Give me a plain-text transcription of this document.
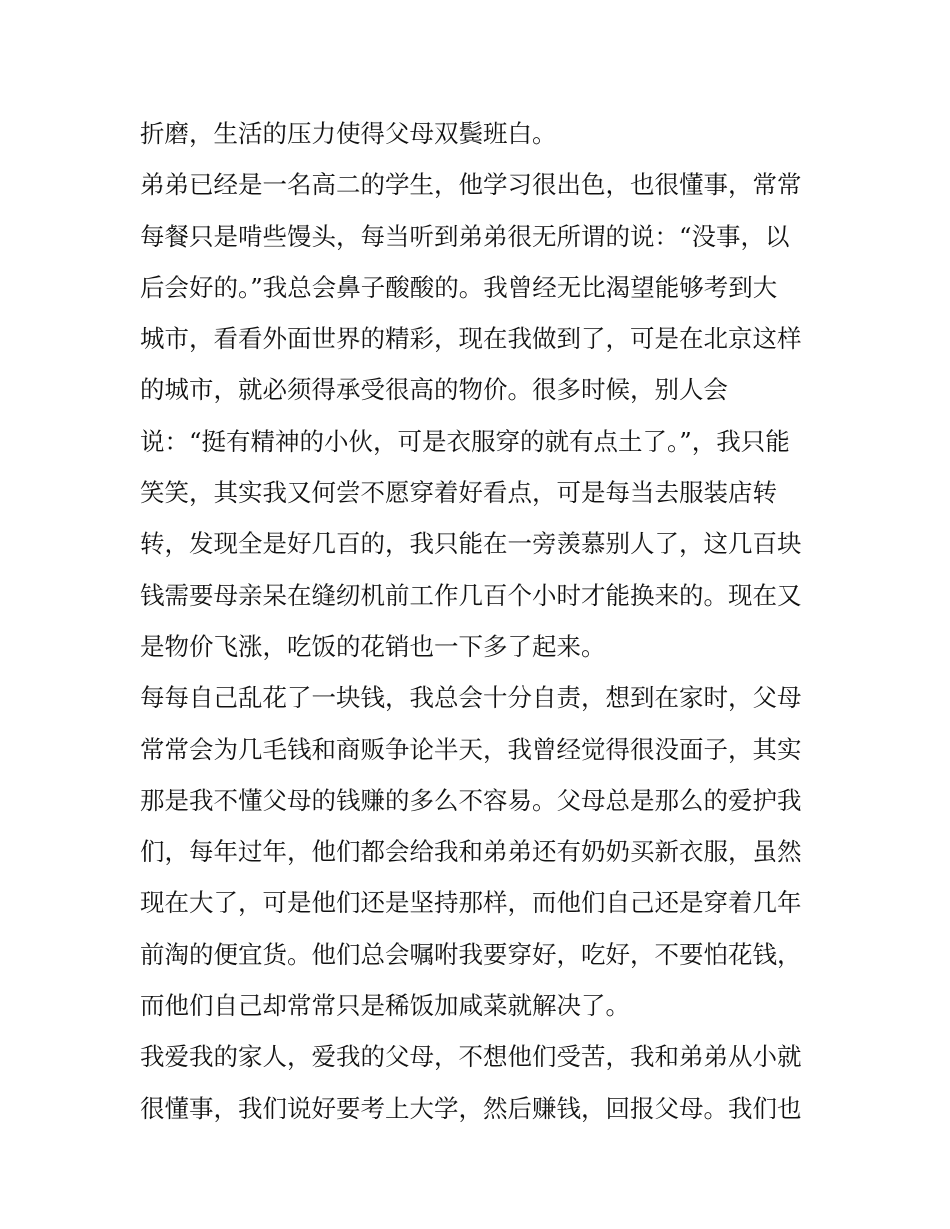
折磨，生活的压力使得父母双鬓班白。
弟弟已经是一名高二的学生，他学习很出色，也很懂事，常常
每餐只是啃些馒头，每当听到弟弟很无所谓的说：“没事，以
后会好的。”我总会鼻子酸酸的。我曾经无比渴望能够考到大
城市，看看外面世界的精彩，现在我做到了，可是在北京这样
的城市，就必须得承受很高的物价。很多时候，别人会
说：“挺有精神的小伙，可是衣服穿的就有点土了。”，我只能
笑笑，其实我又何尝不愿穿着好看点，可是每当去服装店转
转，发现全是好几百的，我只能在一旁羡慕别人了，这几百块
钱需要母亲呆在缝纫机前工作几百个小时才能换来的。现在又
是物价飞涨，吃饭的花销也一下多了起来。
每每自己乱花了一块钱，我总会十分自责，想到在家时，父母
常常会为几毛钱和商贩争论半天，我曾经觉得很没面子，其实
那是我不懂父母的钱赚的多么不容易。父母总是那么的爱护我
们，每年过年，他们都会给我和弟弟还有奶奶买新衣服，虽然
现在大了，可是他们还是坚持那样，而他们自己还是穿着几年
前淘的便宜货。他们总会嘱咐我要穿好，吃好，不要怕花钱，
而他们自己却常常只是稀饭加咸菜就解决了。
我爱我的家人，爱我的父母，不想他们受苦，我和弟弟从小就
很懂事，我们说好要考上大学，然后赚钱，回报父母。我们也
